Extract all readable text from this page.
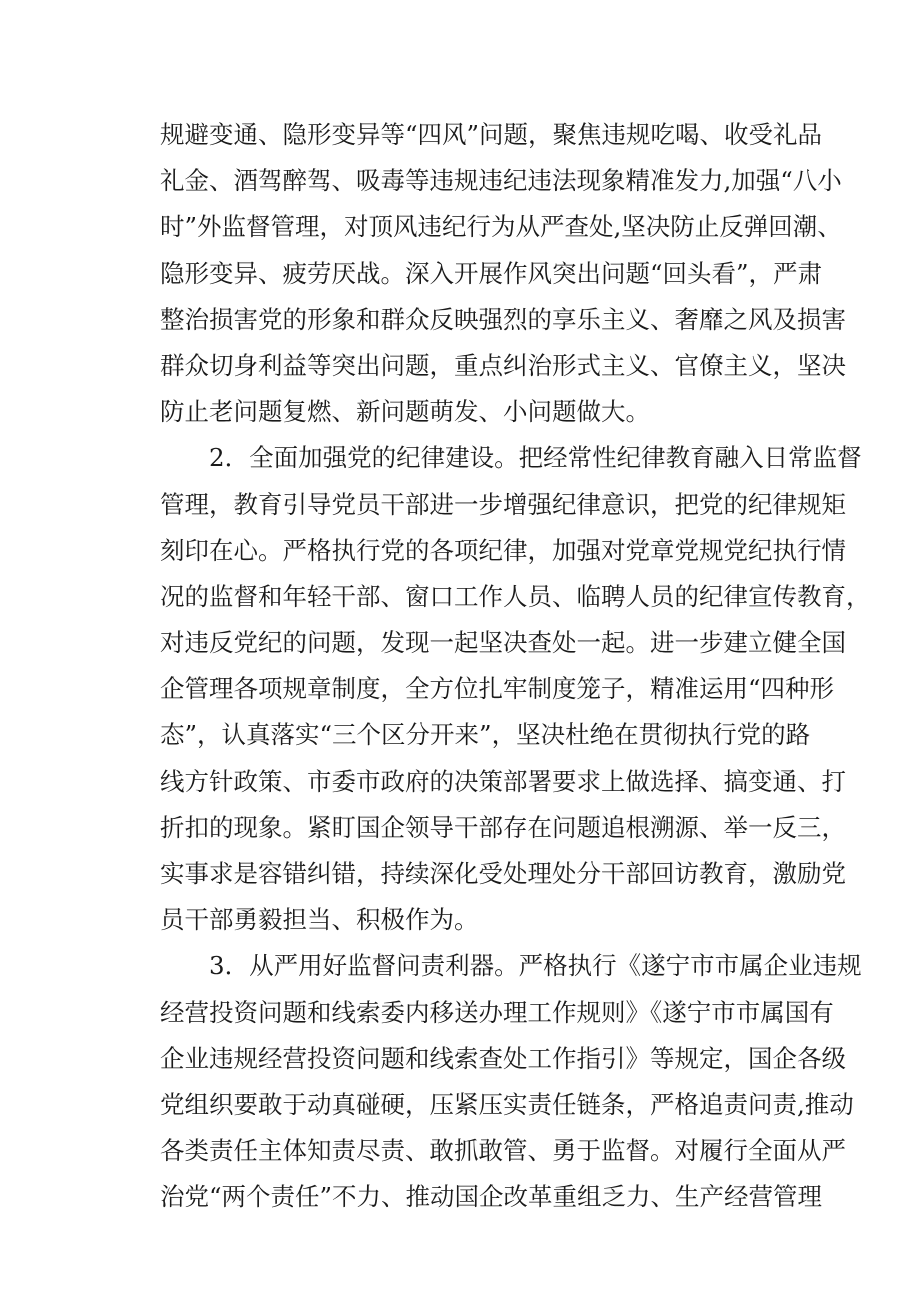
规避变通、隐形变异等“四风”问题，聚焦违规吃喝、收受礼品
礼金、酒驾醉驾、吸毒等违规违纪违法现象精准发力,加强“八小
时”外监督管理，对顶风违纪行为从严查处,坚决防止反弹回潮、
隐形变异、疲劳厌战。深入开展作风突出问题“回头看”，严肃
整治损害党的形象和群众反映强烈的享乐主义、奢靡之风及损害
群众切身利益等突出问题，重点纠治形式主义、官僚主义，坚决
防止老问题复燃、新问题萌发、小问题做大。
2．全面加强党的纪律建设。把经常性纪律教育融入日常监督
管理，教育引导党员干部进一步增强纪律意识，把党的纪律规矩
刻印在心。严格执行党的各项纪律，加强对党章党规党纪执行情
况的监督和年轻干部、窗口工作人员、临聘人员的纪律宣传教育，
对违反党纪的问题，发现一起坚决查处一起。进一步建立健全国
企管理各项规章制度，全方位扎牢制度笼子，精准运用“四种形
态”，认真落实“三个区分开来”，坚决杜绝在贯彻执行党的路
线方针政策、市委市政府的决策部署要求上做选择、搞变通、打
折扣的现象。紧盯国企领导干部存在问题追根溯源、举一反三，
实事求是容错纠错，持续深化受处理处分干部回访教育，激励党
员干部勇毅担当、积极作为。
3．从严用好监督问责利器。严格执行《遂宁市市属企业违规
经营投资问题和线索委内移送办理工作规则》《遂宁市市属国有
企业违规经营投资问题和线索查处工作指引》等规定，国企各级
党组织要敢于动真碰硬，压紧压实责任链条，严格追责问责,推动
各类责任主体知责尽责、敢抓敢管、勇于监督。对履行全面从严
治党“两个责任”不力、推动国企改革重组乏力、生产经营管理
